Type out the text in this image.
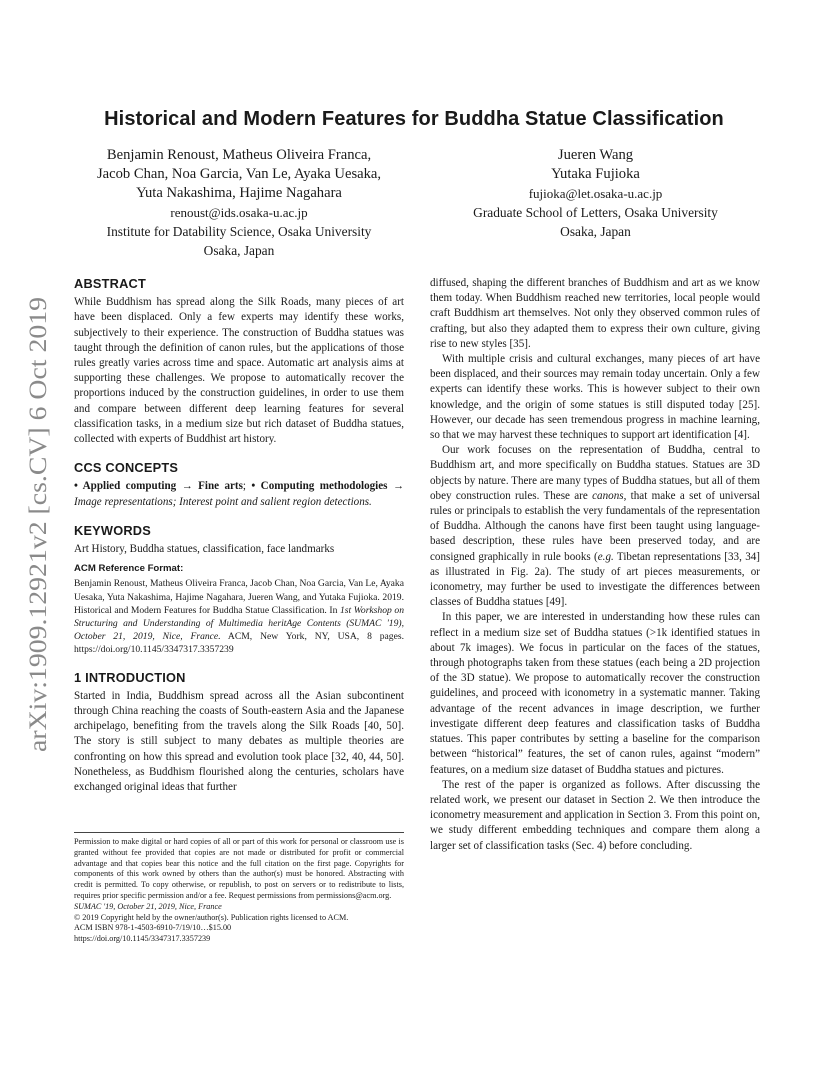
arXiv:1909.12921v2 [cs.CV] 6 Oct 2019
Historical and Modern Features for Buddha Statue Classification
Benjamin Renoust, Matheus Oliveira Franca,
Jacob Chan, Noa Garcia, Van Le, Ayaka Uesaka,
Yuta Nakashima, Hajime Nagahara
renoust@ids.osaka-u.ac.jp
Institute for Datability Science, Osaka University
Osaka, Japan
Jueren Wang
Yutaka Fujioka
fujioka@let.osaka-u.ac.jp
Graduate School of Letters, Osaka University
Osaka, Japan
ABSTRACT

While Buddhism has spread along the Silk Roads, many pieces of art have been displaced. Only a few experts may identify these works, subjectively to their experience. The construction of Buddha statues was taught through the definition of canon rules, but the applications of those rules greatly varies across time and space. Automatic art analysis aims at supporting these challenges. We propose to automatically recover the proportions induced by the construction guidelines, in order to use them and compare between different deep learning features for several classification tasks, in a medium size but rich dataset of Buddha statues, collected with experts of Buddhist art history.

CCS CONCEPTS

• Applied computing → Fine arts; • Computing methodologies → Image representations; Interest point and salient region detections.

KEYWORDS

Art History, Buddha statues, classification, face landmarks

ACM Reference Format:

Benjamin Renoust, Matheus Oliveira Franca, Jacob Chan, Noa Garcia, Van Le, Ayaka Uesaka, Yuta Nakashima, Hajime Nagahara, Jueren Wang, and Yutaka Fujioka. 2019. Historical and Modern Features for Buddha Statue Classification. In 1st Workshop on Structuring and Understanding of Multimedia heritAge Contents (SUMAC '19), October 21, 2019, Nice, France. ACM, New York, NY, USA, 8 pages. https://doi.org/10.1145/3347317.3357239

1 INTRODUCTION

Started in India, Buddhism spread across all the Asian subcontinent through China reaching the coasts of South-eastern Asia and the Japanese archipelago, benefiting from the travels along the Silk Roads [40, 50]. The story is still subject to many debates as multiple theories are confronting on how this spread and evolution took place [32, 40, 44, 50]. Nonetheless, as Buddhism flourished along the centuries, scholars have exchanged original ideas that further

Permission to make digital or hard copies of all or part of this work for personal or classroom use is granted without fee provided that copies are not made or distributed for profit or commercial advantage and that copies bear this notice and the full citation on the first page. Copyrights for components of this work owned by others than the author(s) must be honored. Abstracting with credit is permitted. To copy otherwise, or republish, to post on servers or to redistribute to lists, requires prior specific permission and/or a fee. Request permissions from permissions@acm.org.

SUMAC '19, October 21, 2019, Nice, France

© 2019 Copyright held by the owner/author(s). Publication rights licensed to ACM.

ACM ISBN 978-1-4503-6910-7/19/10…$15.00

https://doi.org/10.1145/3347317.3357239

diffused, shaping the different branches of Buddhism and art as we know them today. When Buddhism reached new territories, local people would craft Buddhism art themselves. Not only they observed common rules of crafting, but also they adapted them to express their own culture, giving rise to new styles [35].

With multiple crisis and cultural exchanges, many pieces of art have been displaced, and their sources may remain today uncertain. Only a few experts can identify these works. This is however subject to their own knowledge, and the origin of some statues is still disputed today [25]. However, our decade has seen tremendous progress in machine learning, so that we may harvest these techniques to support art identification [4].

Our work focuses on the representation of Buddha, central to Buddhism art, and more specifically on Buddha statues. Statues are 3D objects by nature. There are many types of Buddha statues, but all of them obey construction rules. These are canons, that make a set of universal rules or principals to establish the very fundamentals of the representation of Buddha. Although the canons have first been taught using language-based description, these rules have been preserved today, and are consigned graphically in rule books (e.g. Tibetan representations [33, 34] as illustrated in Fig. 2a). The study of art pieces measurements, or iconometry, may further be used to investigate the differences between classes of Buddha statues [49].

In this paper, we are interested in understanding how these rules can reflect in a medium size set of Buddha statues (>1k identified statues in about 7k images). We focus in particular on the faces of the statues, through photographs taken from these statues (each being a 2D projection of the 3D statue). We propose to automatically recover the construction guidelines, and proceed with iconometry in a systematic manner. Taking advantage of the recent advances in image description, we further investigate different deep features and classification tasks of Buddha statues. This paper contributes by setting a baseline for the comparison between “historical” features, the set of canon rules, against “modern” features, on a medium size dataset of Buddha statues and pictures.

The rest of the paper is organized as follows. After discussing the related work, we present our dataset in Section 2. We then introduce the iconometry measurement and application in Section 3. From this point on, we study different embedding techniques and compare them along a larger set of classification tasks (Sec. 4) before concluding.
